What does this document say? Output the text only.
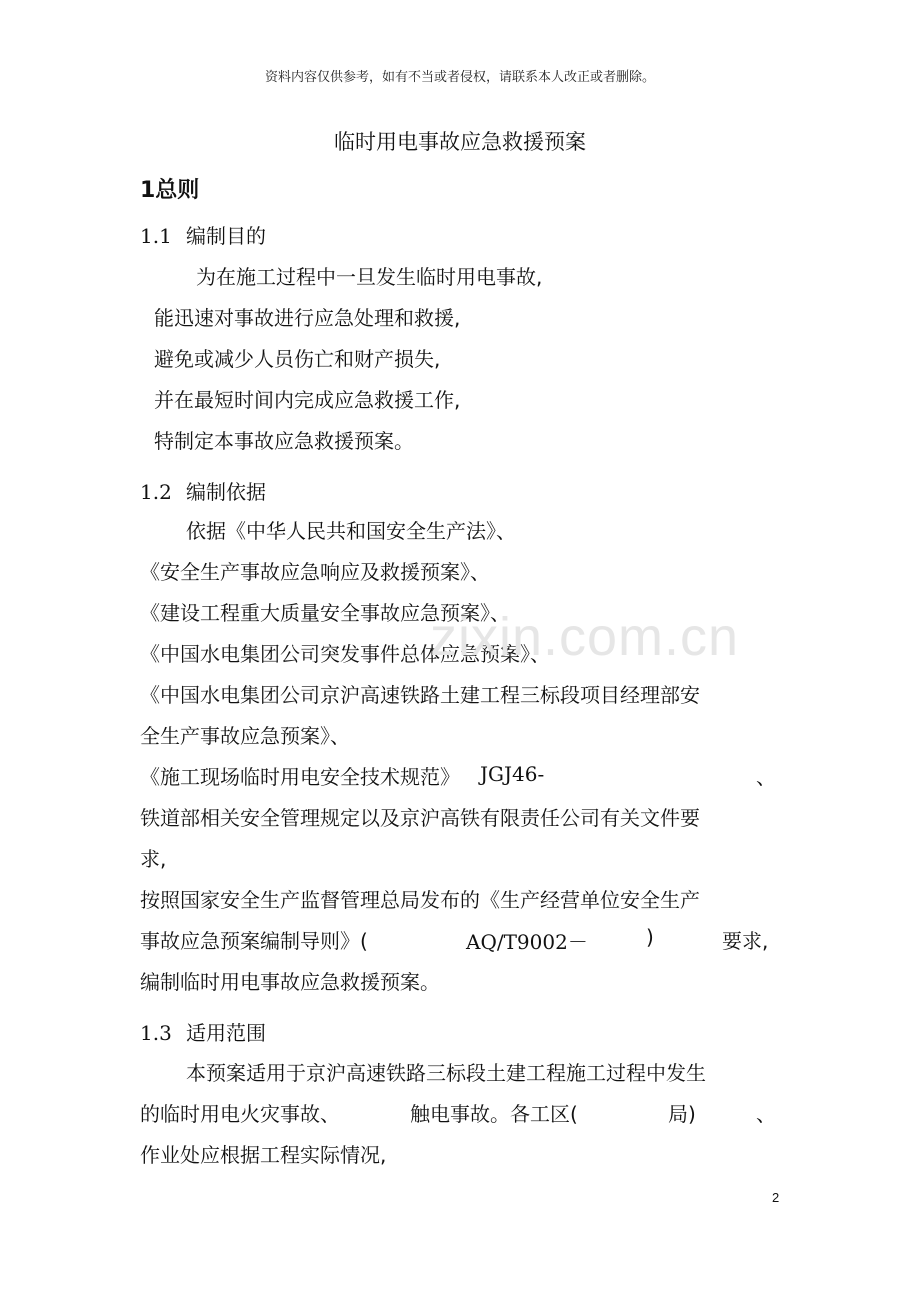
资料内容仅供参考，如有不当或者侵权，请联系本人改正或者删除。
临时用电事故应急救援预案
1总则
1.1 编制目的
为在施工过程中一旦发生临时用电事故,
能迅速对事故进行应急处理和救援,
避免或减少人员伤亡和财产损失,
并在最短时间内完成应急救援工作,
特制定本事故应急救援预案。
1.2 编制依据
依据《中华人民共和国安全生产法》、
《安全生产事故应急响应及救援预案》、
《建设工程重大质量安全事故应急预案》、
《中国水电集团公司突发事件总体应急预案》、
《中国水电集团公司京沪高速铁路土建工程三标段项目经理部安
全生产事故应急预案》、
《施工现场临时用电安全技术规范》 JGJ46-	、
铁道部相关安全管理规定以及京沪高铁有限责任公司有关文件要
求,
按照国家安全生产监督管理总局发布的《生产经营单位安全生产
事故应急预案编制导则》(	AQ/T9002－	)	要求,
编制临时用电事故应急救援预案。
1.3 适用范围
本预案适用于京沪高速铁路三标段土建工程施工过程中发生
的临时用电火灾事故、	触电事故。各工区(	局)	、
作业处应根据工程实际情况,
zixin.com.cn
2
